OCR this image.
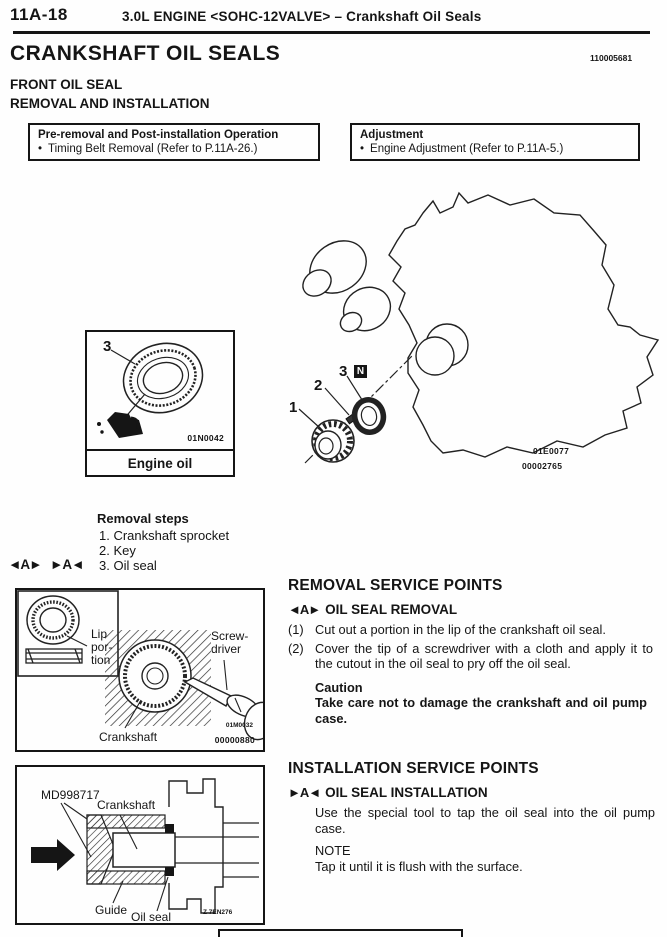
11A-18	3.0L ENGINE <SOHC-12VALVE> – Crankshaft Oil Seals
CRANKSHAFT OIL SEALS	110005681
FRONT OIL SEAL
REMOVAL AND INSTALLATION
Pre-removal and Post-installation Operation
• Timing Belt Removal (Refer to P.11A-26.)
Adjustment
• Engine Adjustment (Refer to P.11A-5.)
1
2
3 N
01E0077
00002765
3
01N0042
Engine oil
Removal steps
1. Crankshaft sprocket
2. Key
3. Oil seal
◄A► ►A◄
Lip
por-
tion
Screw-
driver
Crankshaft
01M0032
00000880
REMOVAL SERVICE POINTS
◄A► OIL SEAL REMOVAL
(1) Cut out a portion in the lip of the crankshaft oil seal.
(2) Cover the tip of a screwdriver with a cloth and apply it to the cutout in the oil seal to pry off the oil seal.
Caution
Take care not to damage the crankshaft and oil pump case.
MD998717
Crankshaft
Guide Oil seal	Z 7EN276
INSTALLATION SERVICE POINTS
►A◄ OIL SEAL INSTALLATION
Use the special tool to tap the oil seal into the oil pump case.
NOTE
Tap it until it is flush with the surface.
